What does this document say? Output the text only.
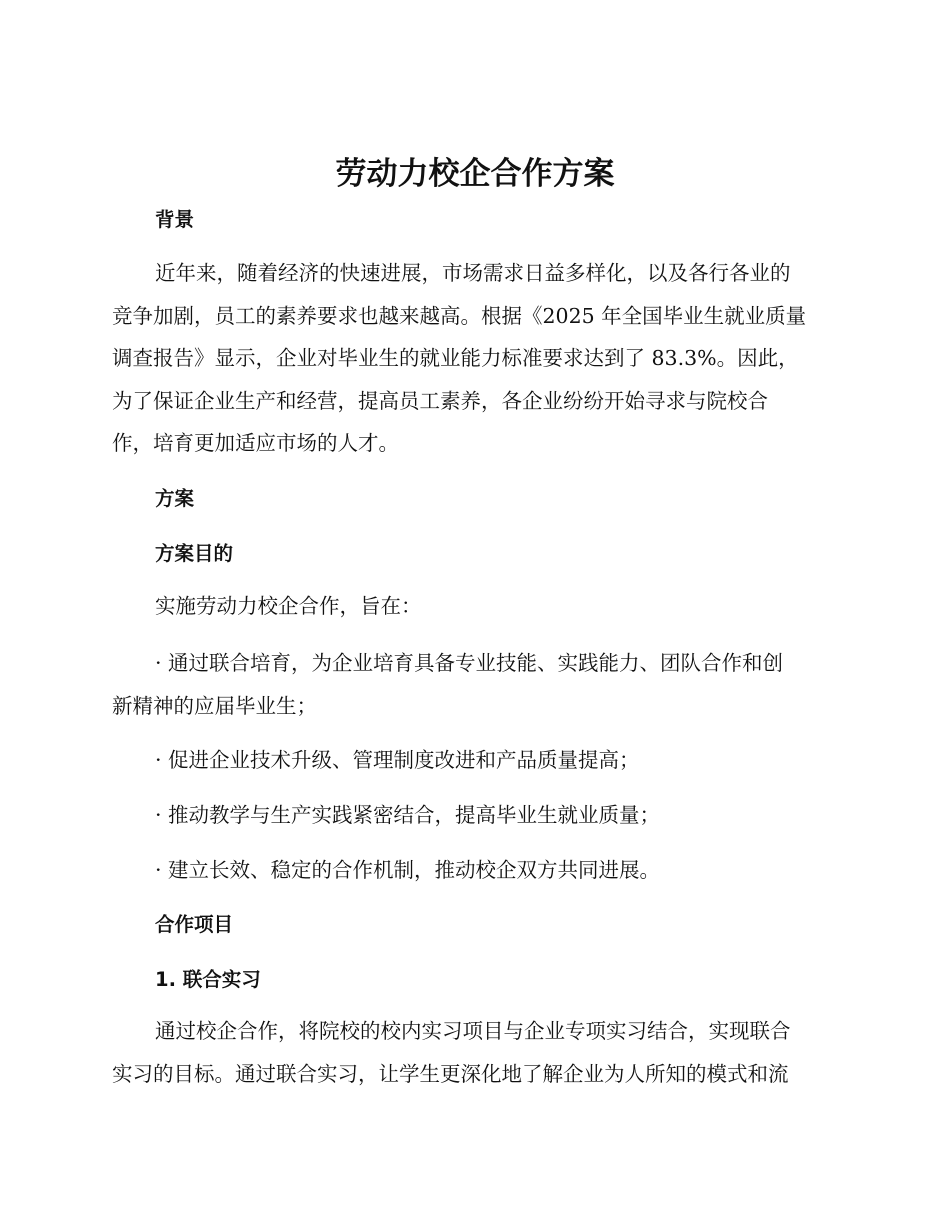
劳动力校企合作方案
背景
近年来，随着经济的快速进展，市场需求日益多样化，以及各行各业的
竞争加剧，员工的素养要求也越来越高。根据《2025 年全国毕业生就业质量
调查报告》显示，企业对毕业生的就业能力标准要求达到了 83.3%。因此，
为了保证企业生产和经营，提高员工素养，各企业纷纷开始寻求与院校合
作，培育更加适应市场的人才。
方案
方案目的
实施劳动力校企合作，旨在：
· 通过联合培育，为企业培育具备专业技能、实践能力、团队合作和创
新精神的应届毕业生；
· 促进企业技术升级、管理制度改进和产品质量提高；
· 推动教学与生产实践紧密结合，提高毕业生就业质量；
· 建立长效、稳定的合作机制，推动校企双方共同进展。
合作项目
1. 联合实习
通过校企合作，将院校的校内实习项目与企业专项实习结合，实现联合
实习的目标。通过联合实习，让学生更深化地了解企业为人所知的模式和流
